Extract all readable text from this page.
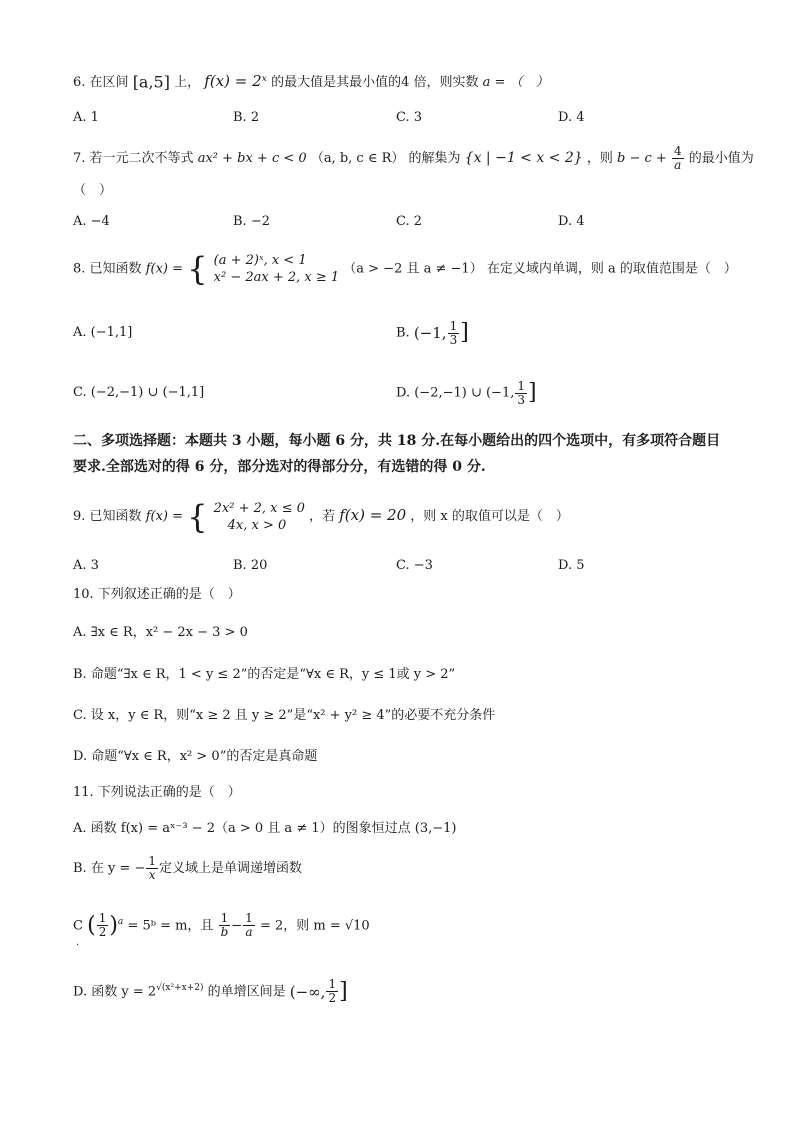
6. 在区间 [a,5] 上， f(x) = 2ˣ 的最大值是其最小值的4 倍，则实数 a = （　）
A. 1	B. 2	C. 3	D. 4
7. 若一元二次不等式 ax² + bx + c < 0 （a, b, c ∈ R） 的解集为 {x | −1 < x < 2} ，则 $b - c + \frac{4}{a}$ 的最小值为
（　）
A. −4	B. −2	C. 2	D. 4
8. 已知函数 f(x) = { (a + 2)ˣ, x < 1
x² − 2ax + 2, x ≥ 1
（a > −2 且 a ≠ −1） 在定义域内单调，则 a 的取值范围是（　）
A. (−1,1]	B. (−1, $\frac{1}{3}$ ]
C. (−2,−1) ∪ (−1,1]	D. (−2,−1) ∪ (−1, $\frac{1}{3}$ ]
二、多项选择题：本题共 3 小题，每小题 6 分，共 18 分.在每小题给出的四个选项中，有多项符合题目要求.全部选对的得 6 分，部分选对的得部分分，有选错的得 0 分.
9. 已知函数 f(x) = { 2x² + 2, x ≤ 0
4x, x > 0
，若 f(x) = 20 ，则 x 的取值可以是（　）
A. 3	B. 20	C. −3	D. 5
10. 下列叙述正确的是（　）
A. ∃x ∈ R，x² − 2x − 3 > 0
B. 命题“∃x ∈ R，1 < y ≤ 2”的否定是“∀x ∈ R，y ≤ 1或 y > 2”
C. 设 x，y ∈ R，则“x ≥ 2 且 y ≥ 2”是“x² + y² ≥ 4”的必要不充分条件
D. 命题“∀x ∈ R，x² > 0”的否定是真命题
11. 下列说法正确的是（　）
A. 函数 f(x) = aˣ⁻³ − 2（a > 0 且 a ≠ 1）的图象恒过点 (3,−1)
B. 在 y = − $\frac{1}{x}$ 定义域上是单调递增函数
C ( $\frac{1}{2} )^a$ = 5ᵇ = m，且 $\frac{1}{b} - \frac{1}{a} = 2$，则 m = √10
.
D. 函数 $y = 2^{√(x^2+x+2)}$ 的单增区间是 (−∞, $\frac{1}{2}$ ]
